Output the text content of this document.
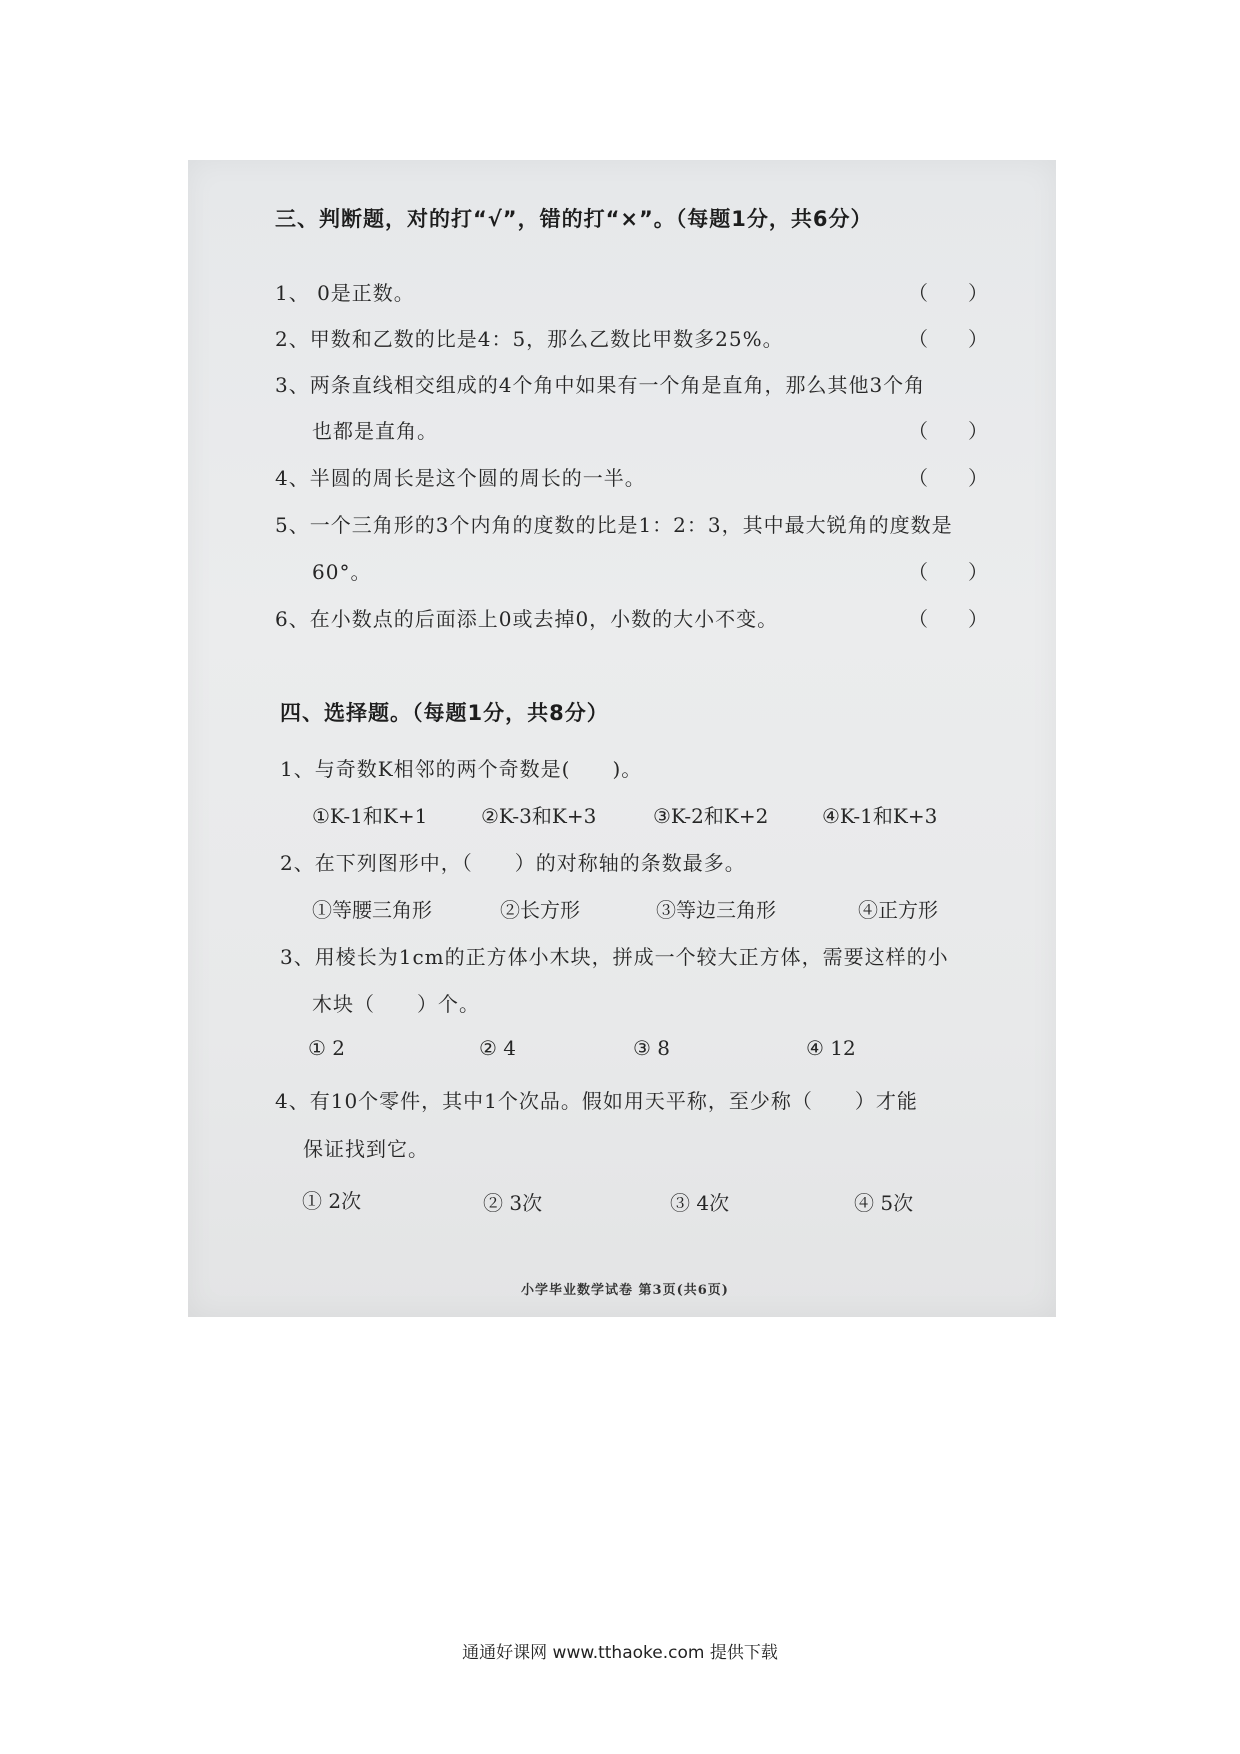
三、判断题，对的打“√”，错的打“×”。（每题1分，共6分）
1、 0是正数。	（　　）
2、甲数和乙数的比是4：5，那么乙数比甲数多25%。	（　　）
3、两条直线相交组成的4个角中如果有一个角是直角，那么其他3个角
也都是直角。	（　　）
4、半圆的周长是这个圆的周长的一半。	（　　）
5、一个三角形的3个内角的度数的比是1：2：3，其中最大锐角的度数是
60°。	（　　）
6、在小数点的后面添上0或去掉0，小数的大小不变。	（　　）
四、选择题。（每题1分，共8分）
1、与奇数K相邻的两个奇数是(　　)。
①K-1和K+1	②K-3和K+3	③K-2和K+2	④K-1和K+3
2、在下列图形中，（　　）的对称轴的条数最多。
①等腰三角形	②长方形	③等边三角形	④正方形
3、用棱长为1cm的正方体小木块，拼成一个较大正方体，需要这样的小
木块（　　）个。
① 2	② 4	③ 8	④ 12
4、有10个零件，其中1个次品。假如用天平称，至少称（　　）才能
保证找到它。
① 2次	② 3次	③ 4次	④ 5次
小学毕业数学试卷 第3页(共6页)
通通好课网 www.tthaoke.com 提供下载
